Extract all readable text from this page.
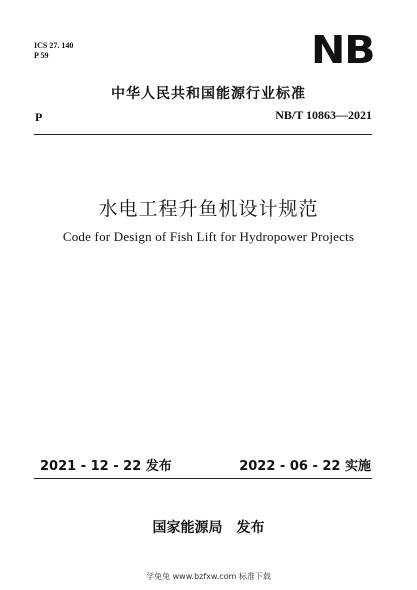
ICS 27. 140
P 59	NB
中华人民共和国能源行业标准
P	NB/T 10863—2021
水电工程升鱼机设计规范
Code for Design of Fish Lift for Hydropower Projects
2021 - 12 - 22 发布	2022 - 06 - 22 实施
国家能源局 发布
学兔兔 www.bzfxw.com 标准下载
